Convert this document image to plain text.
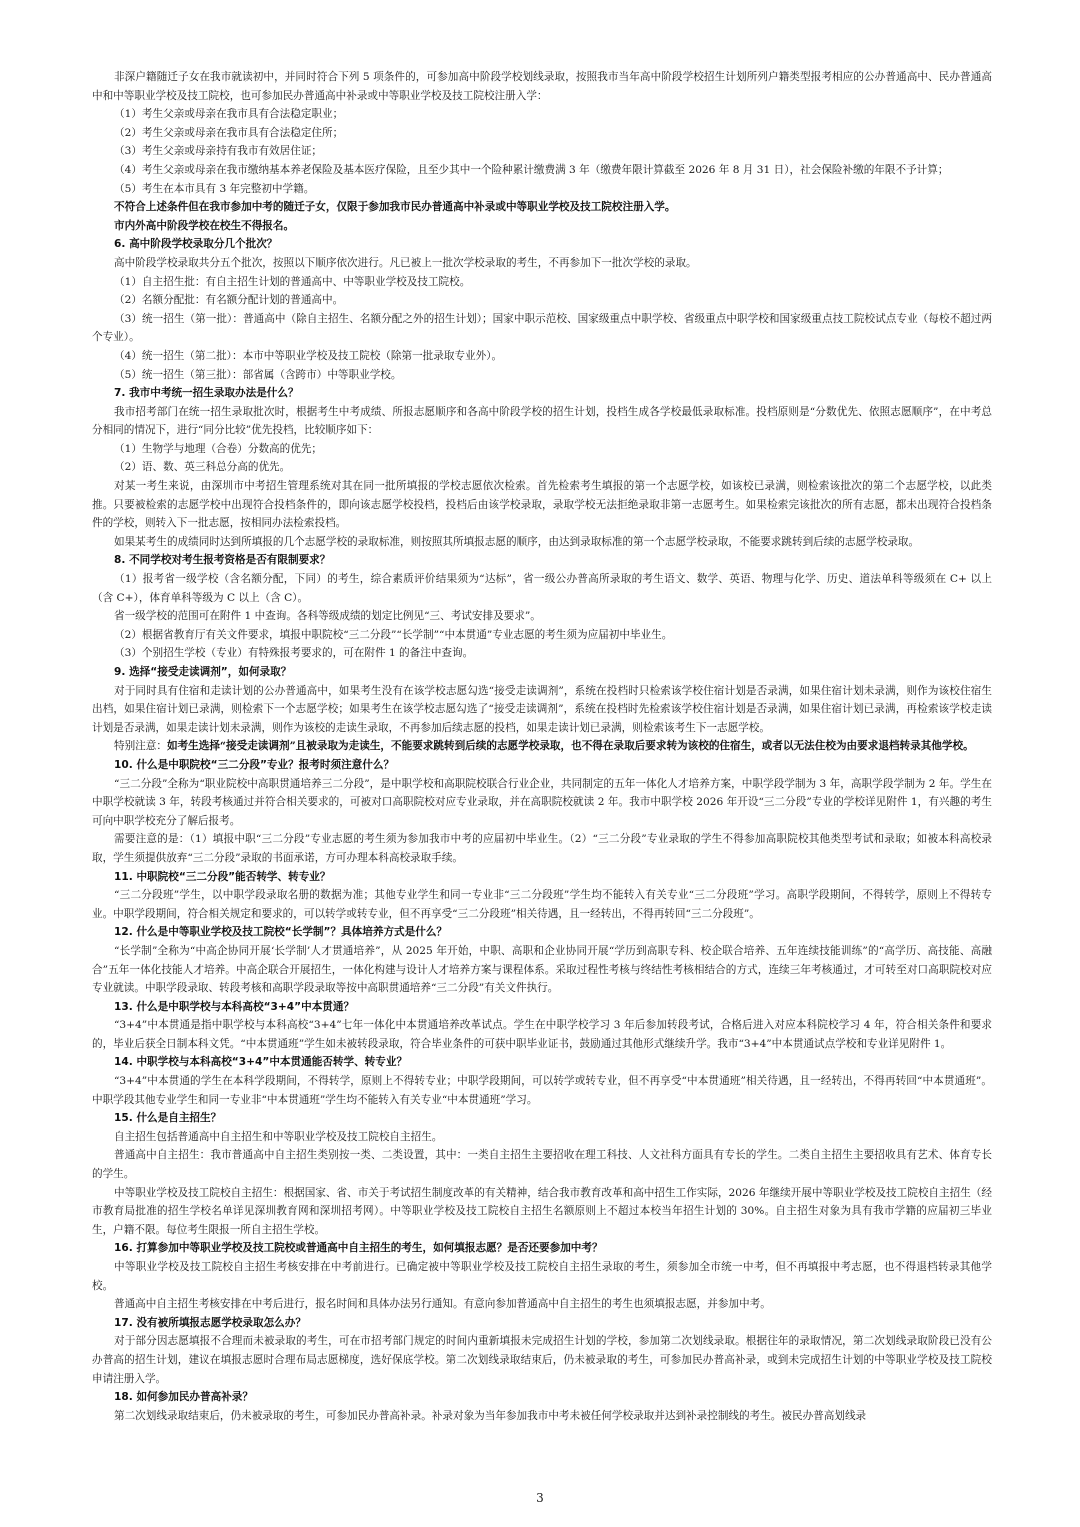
非深户籍随迁子女在我市就读初中，并同时符合下列 5 项条件的，可参加高中阶段学校划线录取，按照我市当年高中阶段学校招生计划所列户籍类型报考相应的公办普通高中、民办普通高中和中等职业学校及技工院校，也可参加民办普通高中补录或中等职业学校及技工院校注册入学：

（1）考生父亲或母亲在我市具有合法稳定职业；

（2）考生父亲或母亲在我市具有合法稳定住所；

（3）考生父亲或母亲持有我市有效居住证；

（4）考生父亲或母亲在我市缴纳基本养老保险及基本医疗保险，且至少其中一个险种累计缴费满 3 年（缴费年限计算截至 2026 年 8 月 31 日），社会保险补缴的年限不予计算；

（5）考生在本市具有 3 年完整初中学籍。

不符合上述条件但在我市参加中考的随迁子女，仅限于参加我市民办普通高中补录或中等职业学校及技工院校注册入学。

市内外高中阶段学校在校生不得报名。

6. 高中阶段学校录取分几个批次？

高中阶段学校录取共分五个批次，按照以下顺序依次进行。凡已被上一批次学校录取的考生，不再参加下一批次学校的录取。

（1）自主招生批：有自主招生计划的普通高中、中等职业学校及技工院校。

（2）名额分配批：有名额分配计划的普通高中。

（3）统一招生（第一批）：普通高中（除自主招生、名额分配之外的招生计划）；国家中职示范校、国家级重点中职学校、省级重点中职学校和国家级重点技工院校试点专业（每校不超过两个专业）。

（4）统一招生（第二批）：本市中等职业学校及技工院校（除第一批录取专业外）。

（5）统一招生（第三批）：部省属（含跨市）中等职业学校。

7. 我市中考统一招生录取办法是什么？

我市招考部门在统一招生录取批次时，根据考生中考成绩、所报志愿顺序和各高中阶段学校的招生计划，投档生成各学校最低录取标准。投档原则是“分数优先、依照志愿顺序”，在中考总分相同的情况下，进行“同分比较”优先投档，比较顺序如下：

（1）生物学与地理（合卷）分数高的优先；

（2）语、数、英三科总分高的优先。

对某一考生来说，由深圳市中考招生管理系统对其在同一批所填报的学校志愿依次检索。首先检索考生填报的第一个志愿学校，如该校已录满，则检索该批次的第二个志愿学校，以此类推。只要被检索的志愿学校中出现符合投档条件的，即向该志愿学校投档，投档后由该学校录取，录取学校无法拒绝录取非第一志愿考生。如果检索完该批次的所有志愿，都未出现符合投档条件的学校，则转入下一批志愿，按相同办法检索投档。

如果某考生的成绩同时达到所填报的几个志愿学校的录取标准，则按照其所填报志愿的顺序，由达到录取标准的第一个志愿学校录取，不能要求跳转到后续的志愿学校录取。

8. 不同学校对考生报考资格是否有限制要求？

（1）报考省一级学校（含名额分配，下同）的考生，综合素质评价结果须为“达标”，省一级公办普高所录取的考生语文、数学、英语、物理与化学、历史、道法单科等级须在 C+ 以上（含 C+），体育单科等级为 C 以上（含 C）。

省一级学校的范围可在附件 1 中查询。各科等级成绩的划定比例见“三、考试安排及要求”。

（2）根据省教育厅有关文件要求，填报中职院校“三二分段”“长学制”“中本贯通”专业志愿的考生须为应届初中毕业生。

（3）个别招生学校（专业）有特殊报考要求的，可在附件 1 的备注中查询。

9. 选择“接受走读调剂”，如何录取？

对于同时具有住宿和走读计划的公办普通高中，如果考生没有在该学校志愿勾选“接受走读调剂”，系统在投档时只检索该学校住宿计划是否录满，如果住宿计划未录满，则作为该校住宿生出档，如果住宿计划已录满，则检索下一个志愿学校；如果考生在该学校志愿勾选了“接受走读调剂”，系统在投档时先检索该学校住宿计划是否录满，如果住宿计划已录满，再检索该学校走读计划是否录满，如果走读计划未录满，则作为该校的走读生录取，不再参加后续志愿的投档，如果走读计划已录满，则检索该考生下一志愿学校。

特别注意：如考生选择“接受走读调剂”且被录取为走读生，不能要求跳转到后续的志愿学校录取，也不得在录取后要求转为该校的住宿生，或者以无法住校为由要求退档转录其他学校。

10. 什么是中职院校“三二分段”专业？报考时须注意什么？

“三二分段”全称为“职业院校中高职贯通培养三二分段”，是中职学校和高职院校联合行业企业，共同制定的五年一体化人才培养方案，中职学段学制为 3 年，高职学段学制为 2 年。学生在中职学校就读 3 年，转段考核通过并符合相关要求的，可被对口高职院校对应专业录取，并在高职院校就读 2 年。我市中职学校 2026 年开设“三二分段”专业的学校详见附件 1，有兴趣的考生可向中职学校充分了解后报考。

需要注意的是：（1）填报中职“三二分段”专业志愿的考生须为参加我市中考的应届初中毕业生。（2）“三二分段”专业录取的学生不得参加高职院校其他类型考试和录取；如被本科高校录取，学生须提供放弃“三二分段”录取的书面承诺，方可办理本科高校录取手续。

11. 中职院校“三二分段”能否转学、转专业？

“三二分段班”学生，以中职学段录取名册的数据为准；其他专业学生和同一专业非“三二分段班”学生均不能转入有关专业“三二分段班”学习。高职学段期间，不得转学，原则上不得转专业。中职学段期间，符合相关规定和要求的，可以转学或转专业，但不再享受“三二分段班”相关待遇，且一经转出，不得再转回“三二分段班”。

12. 什么是中等职业学校及技工院校“长学制”？具体培养方式是什么？

“长学制”全称为“中高企协同开展‘长学制’人才贯通培养”，从 2025 年开始，中职、高职和企业协同开展“学历到高职专科、校企联合培养、五年连续技能训练”的“高学历、高技能、高融合”五年一体化技能人才培养。中高企联合开展招生，一体化构建与设计人才培养方案与课程体系。采取过程性考核与终结性考核相结合的方式，连续三年考核通过，才可转至对口高职院校对应专业就读。中职学段录取、转段考核和高职学段录取等按中高职贯通培养“三二分段”有关文件执行。

13. 什么是中职学校与本科高校“3+4”中本贯通？

“3+4”中本贯通是指中职学校与本科高校“3+4”七年一体化中本贯通培养改革试点。学生在中职学校学习 3 年后参加转段考试，合格后进入对应本科院校学习 4 年，符合相关条件和要求的，毕业后获全日制本科文凭。“中本贯通班”学生如未被转段录取，符合毕业条件的可获中职毕业证书，鼓励通过其他形式继续升学。我市“3+4”中本贯通试点学校和专业详见附件 1。

14. 中职学校与本科高校“3+4”中本贯通能否转学、转专业？

“3+4”中本贯通的学生在本科学段期间，不得转学，原则上不得转专业；中职学段期间，可以转学或转专业，但不再享受“中本贯通班”相关待遇，且一经转出，不得再转回“中本贯通班”。中职学段其他专业学生和同一专业非“中本贯通班”学生均不能转入有关专业“中本贯通班”学习。

15. 什么是自主招生？

自主招生包括普通高中自主招生和中等职业学校及技工院校自主招生。

普通高中自主招生：我市普通高中自主招生类别按一类、二类设置，其中：一类自主招生主要招收在理工科技、人文社科方面具有专长的学生。二类自主招生主要招收具有艺术、体育专长的学生。

中等职业学校及技工院校自主招生：根据国家、省、市关于考试招生制度改革的有关精神，结合我市教育改革和高中招生工作实际，2026 年继续开展中等职业学校及技工院校自主招生（经市教育局批准的招生学校名单详见深圳教育网和深圳招考网）。中等职业学校及技工院校自主招生名额原则上不超过本校当年招生计划的 30%。自主招生对象为具有我市学籍的应届初三毕业生，户籍不限。每位考生限报一所自主招生学校。

16. 打算参加中等职业学校及技工院校或普通高中自主招生的考生，如何填报志愿？是否还要参加中考？

中等职业学校及技工院校自主招生考核安排在中考前进行。已确定被中等职业学校及技工院校自主招生录取的考生，须参加全市统一中考，但不再填报中考志愿，也不得退档转录其他学校。

普通高中自主招生考核安排在中考后进行，报名时间和具体办法另行通知。有意向参加普通高中自主招生的考生也须填报志愿，并参加中考。

17. 没有被所填报志愿学校录取怎么办？

对于部分因志愿填报不合理而未被录取的考生，可在市招考部门规定的时间内重新填报未完成招生计划的学校，参加第二次划线录取。根据往年的录取情况，第二次划线录取阶段已没有公办普高的招生计划，建议在填报志愿时合理布局志愿梯度，选好保底学校。第二次划线录取结束后，仍未被录取的考生，可参加民办普高补录，或到未完成招生计划的中等职业学校及技工院校申请注册入学。

18. 如何参加民办普高补录？

第二次划线录取结束后，仍未被录取的考生，可参加民办普高补录。补录对象为当年参加我市中考未被任何学校录取并达到补录控制线的考生。被民办普高划线录

3
